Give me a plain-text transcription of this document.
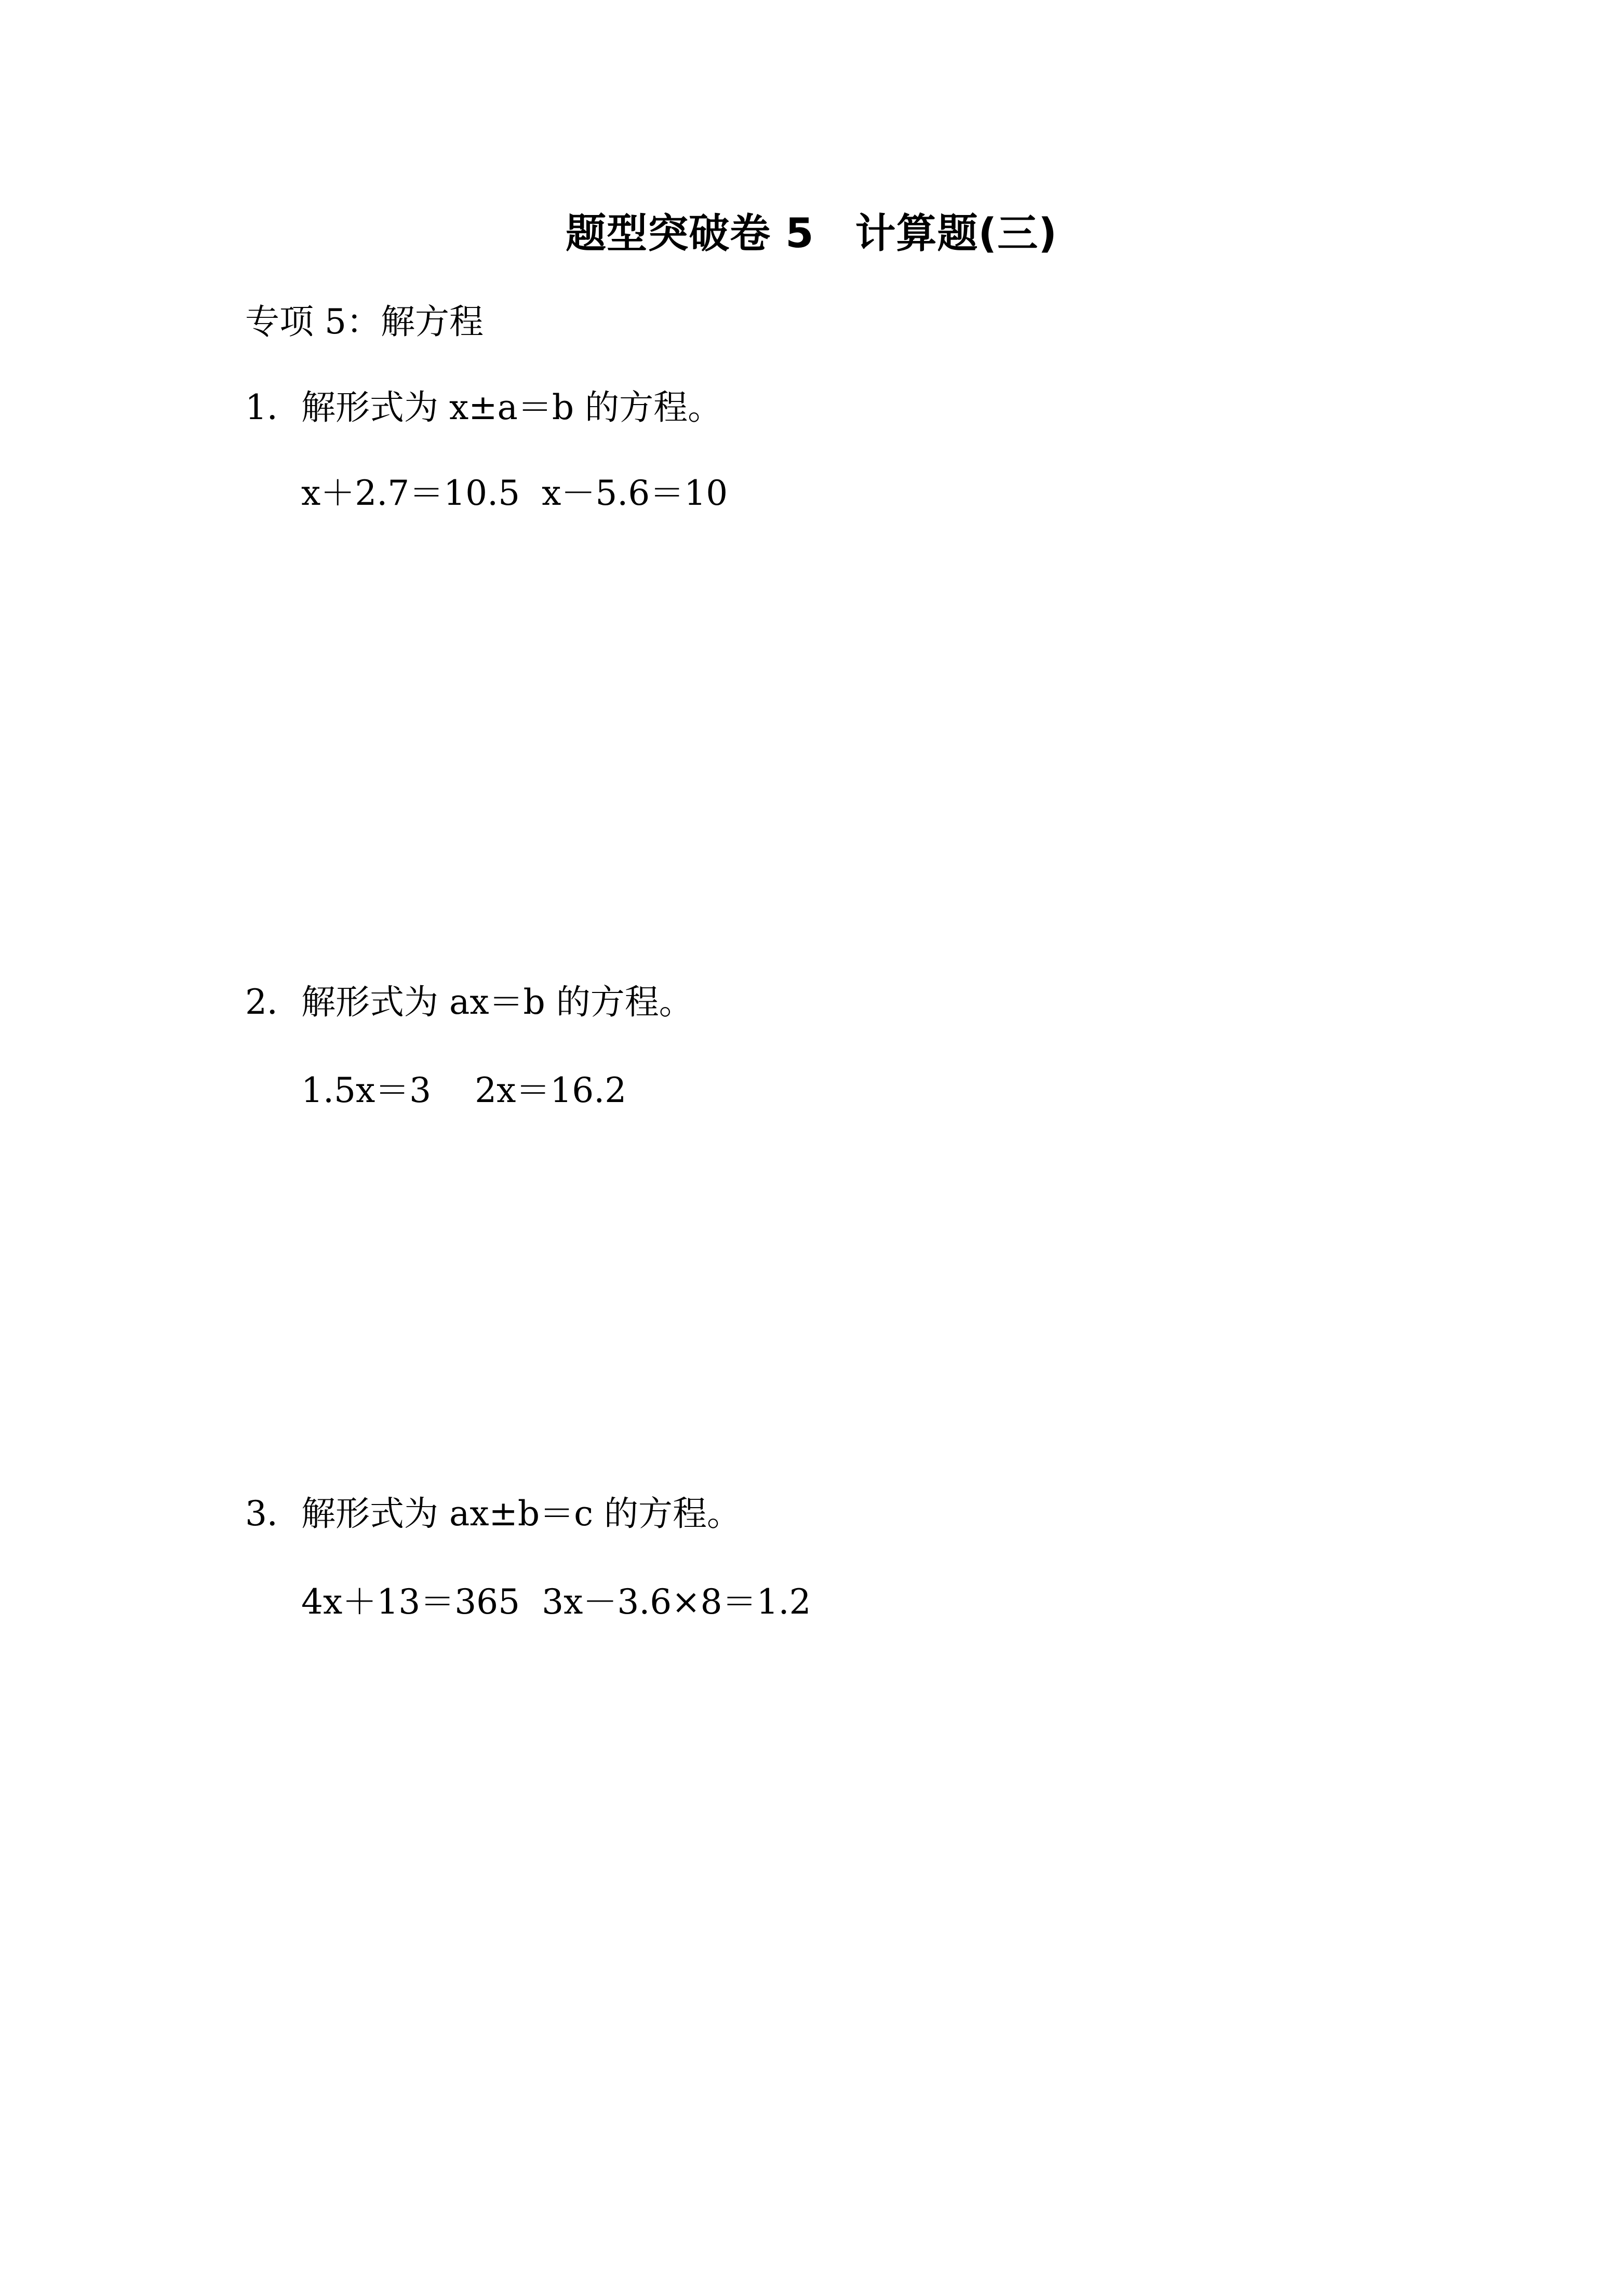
题型突破卷 5　计算题(三)
专项 5：解方程
1．解形式为 x±a＝b 的方程。
x＋2.7＝10.5  x－5.6＝10
2．解形式为 ax＝b 的方程。
1.5x＝3    2x＝16.2
3．解形式为 ax±b＝c 的方程。
4x＋13＝365  3x－3.6×8＝1.2
